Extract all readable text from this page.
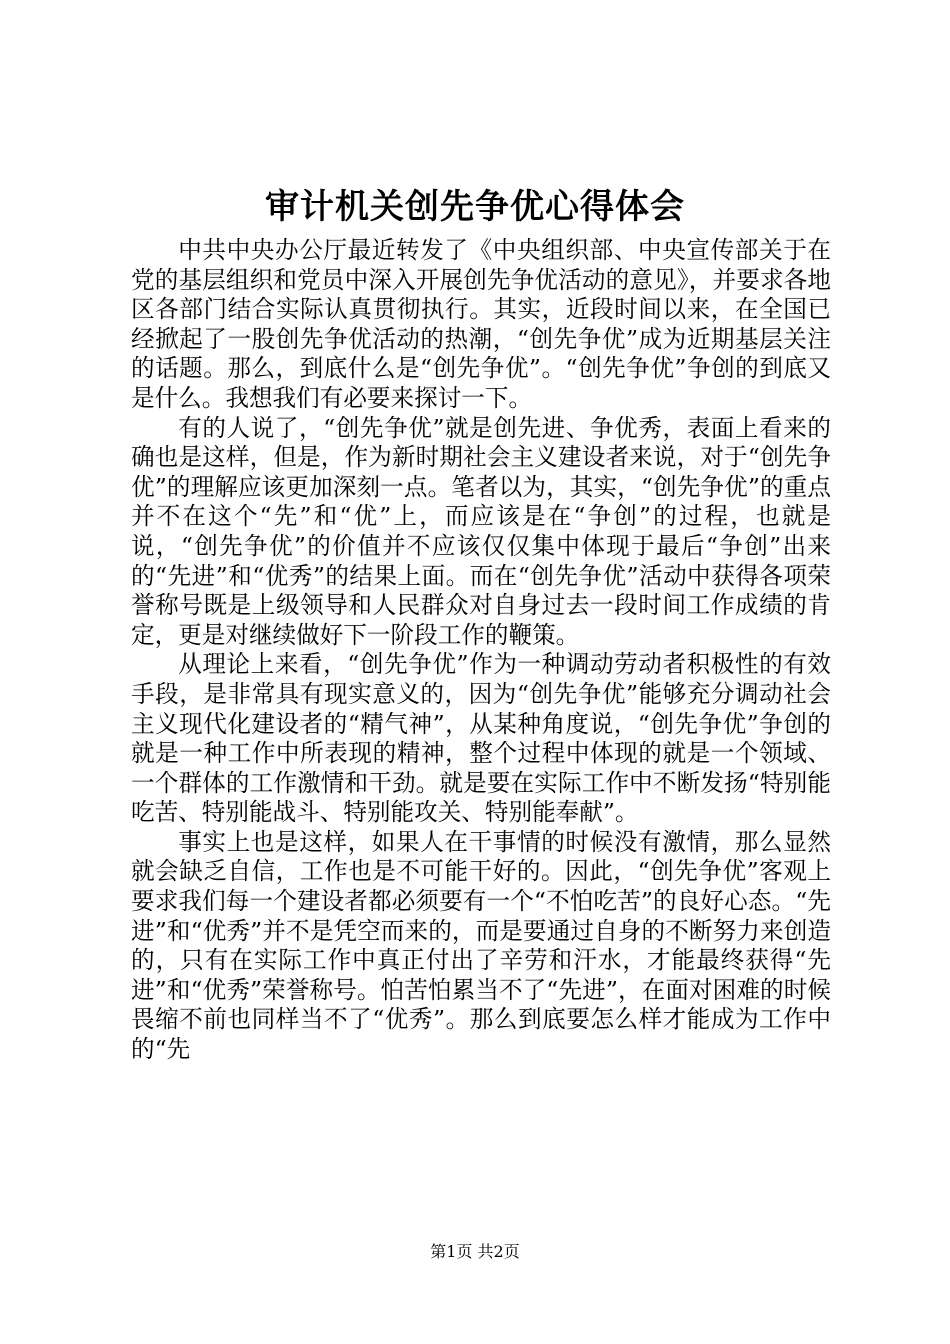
审计机关创先争优心得体会

中共中央办公厅最近转发了《中央组织部、中央宣传部关于在党的基层组织和党员中深入开展创先争优活动的意见》，并要求各地区各部门结合实际认真贯彻执行。其实，近段时间以来，在全国已经掀起了一股创先争优活动的热潮，“创先争优”成为近期基层关注的话题。那么，到底什么是“创先争优”。“创先争优”争创的到底又是什么。我想我们有必要来探讨一下。

有的人说了，“创先争优”就是创先进、争优秀，表面上看来的确也是这样，但是，作为新时期社会主义建设者来说，对于“创先争优”的理解应该更加深刻一点。笔者以为，其实，“创先争优”的重点并不在这个“先”和“优”上，而应该是在“争创”的过程，也就是说，“创先争优”的价值并不应该仅仅集中体现于最后“争创”出来的“先进”和“优秀”的结果上面。而在“创先争优”活动中获得各项荣誉称号既是上级领导和人民群众对自身过去一段时间工作成绩的肯定，更是对继续做好下一阶段工作的鞭策。

从理论上来看，“创先争优”作为一种调动劳动者积极性的有效手段，是非常具有现实意义的，因为“创先争优”能够充分调动社会主义现代化建设者的“精气神”，从某种角度说，“创先争优”争创的就是一种工作中所表现的精神，整个过程中体现的就是一个领域、一个群体的工作激情和干劲。就是要在实际工作中不断发扬“特别能吃苦、特别能战斗、特别能攻关、特别能奉献”。

事实上也是这样，如果人在干事情的时候没有激情，那么显然就会缺乏自信，工作也是不可能干好的。因此，“创先争优”客观上要求我们每一个建设者都必须要有一个“不怕吃苦”的良好心态。“先进”和“优秀”并不是凭空而来的，而是要通过自身的不断努力来创造的，只有在实际工作中真正付出了辛劳和汗水，才能最终获得“先进”和“优秀”荣誉称号。怕苦怕累当不了“先进”，在面对困难的时候畏缩不前也同样当不了“优秀”。那么到底要怎么样才能成为工作中的“先

第1页 共2页
